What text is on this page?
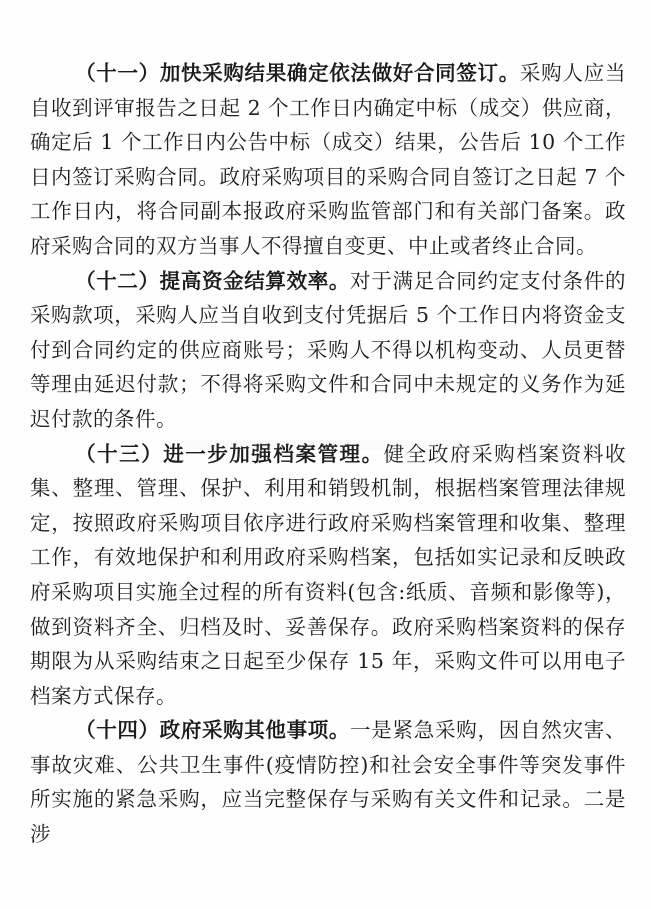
（十一）加快采购结果确定依法做好合同签订。采购人应当自收到评审报告之日起 2 个工作日内确定中标（成交）供应商，确定后 1 个工作日内公告中标（成交）结果，公告后 10 个工作日内签订采购合同。政府采购项目的采购合同自签订之日起 7 个工作日内，将合同副本报政府采购监管部门和有关部门备案。政府采购合同的双方当事人不得擅自变更、中止或者终止合同。

（十二）提高资金结算效率。对于满足合同约定支付条件的采购款项，采购人应当自收到支付凭据后 5 个工作日内将资金支付到合同约定的供应商账号；采购人不得以机构变动、人员更替等理由延迟付款；不得将采购文件和合同中未规定的义务作为延迟付款的条件。

（十三）进一步加强档案管理。健全政府采购档案资料收集、整理、管理、保护、利用和销毁机制，根据档案管理法律规定，按照政府采购项目依序进行政府采购档案管理和收集、整理工作，有效地保护和利用政府采购档案，包括如实记录和反映政府采购项目实施全过程的所有资料(包含:纸质、音频和影像等)，做到资料齐全、归档及时、妥善保存。政府采购档案资料的保存期限为从采购结束之日起至少保存 15 年，采购文件可以用电子档案方式保存。

（十四）政府采购其他事项。一是紧急采购，因自然灾害、事故灾难、公共卫生事件(疫情防控)和社会安全事件等突发事件所实施的紧急采购，应当完整保存与采购有关文件和记录。二是涉
